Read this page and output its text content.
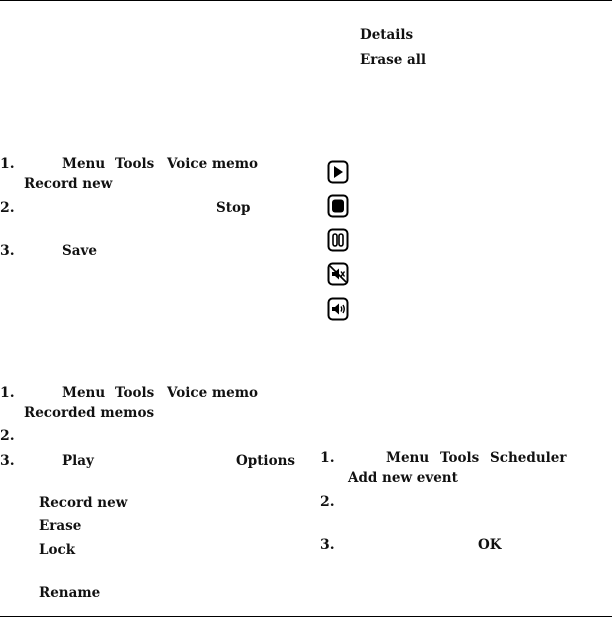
Details
Erase all
1.	Menu Tools Voice memo
Record new
2.	Stop
3.	Save
1.	Menu Tools Voice memo
Recorded memos
2.
3.	Play	Options
Record new
Erase
Lock
Rename
1.	Menu Tools Scheduler
Add new event
2.
3.	OK
